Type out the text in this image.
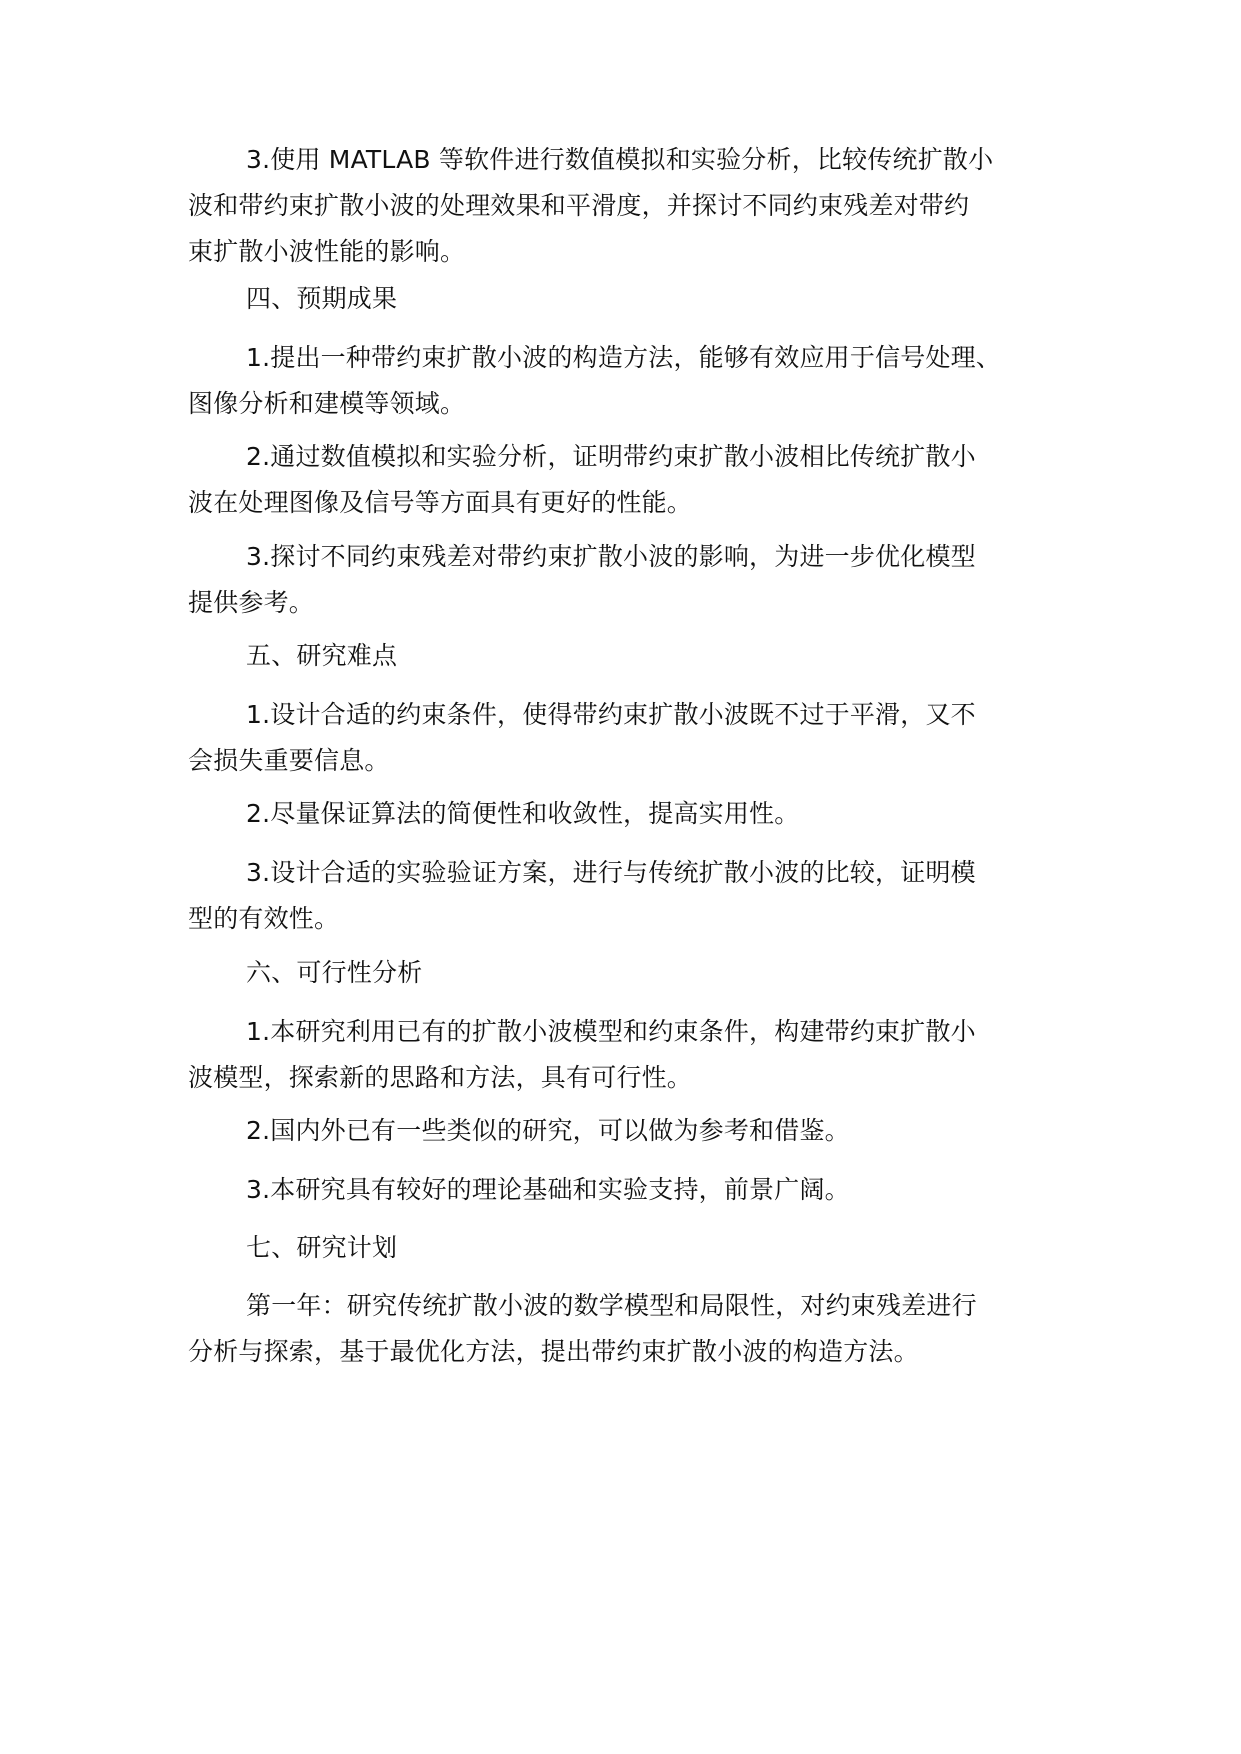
3.使用 MATLAB 等软件进行数值模拟和实验分析，比较传统扩散小
波和带约束扩散小波的处理效果和平滑度，并探讨不同约束残差对带约
束扩散小波性能的影响。
四、预期成果
1.提出一种带约束扩散小波的构造方法，能够有效应用于信号处理、
图像分析和建模等领域。
2.通过数值模拟和实验分析，证明带约束扩散小波相比传统扩散小
波在处理图像及信号等方面具有更好的性能。
3.探讨不同约束残差对带约束扩散小波的影响，为进一步优化模型
提供参考。
五、研究难点
1.设计合适的约束条件，使得带约束扩散小波既不过于平滑，又不
会损失重要信息。
2.尽量保证算法的简便性和收敛性，提高实用性。
3.设计合适的实验验证方案，进行与传统扩散小波的比较，证明模
型的有效性。
六、可行性分析
1.本研究利用已有的扩散小波模型和约束条件，构建带约束扩散小
波模型，探索新的思路和方法，具有可行性。
2.国内外已有一些类似的研究，可以做为参考和借鉴。
3.本研究具有较好的理论基础和实验支持，前景广阔。
七、研究计划
第一年：研究传统扩散小波的数学模型和局限性，对约束残差进行
分析与探索，基于最优化方法，提出带约束扩散小波的构造方法。
